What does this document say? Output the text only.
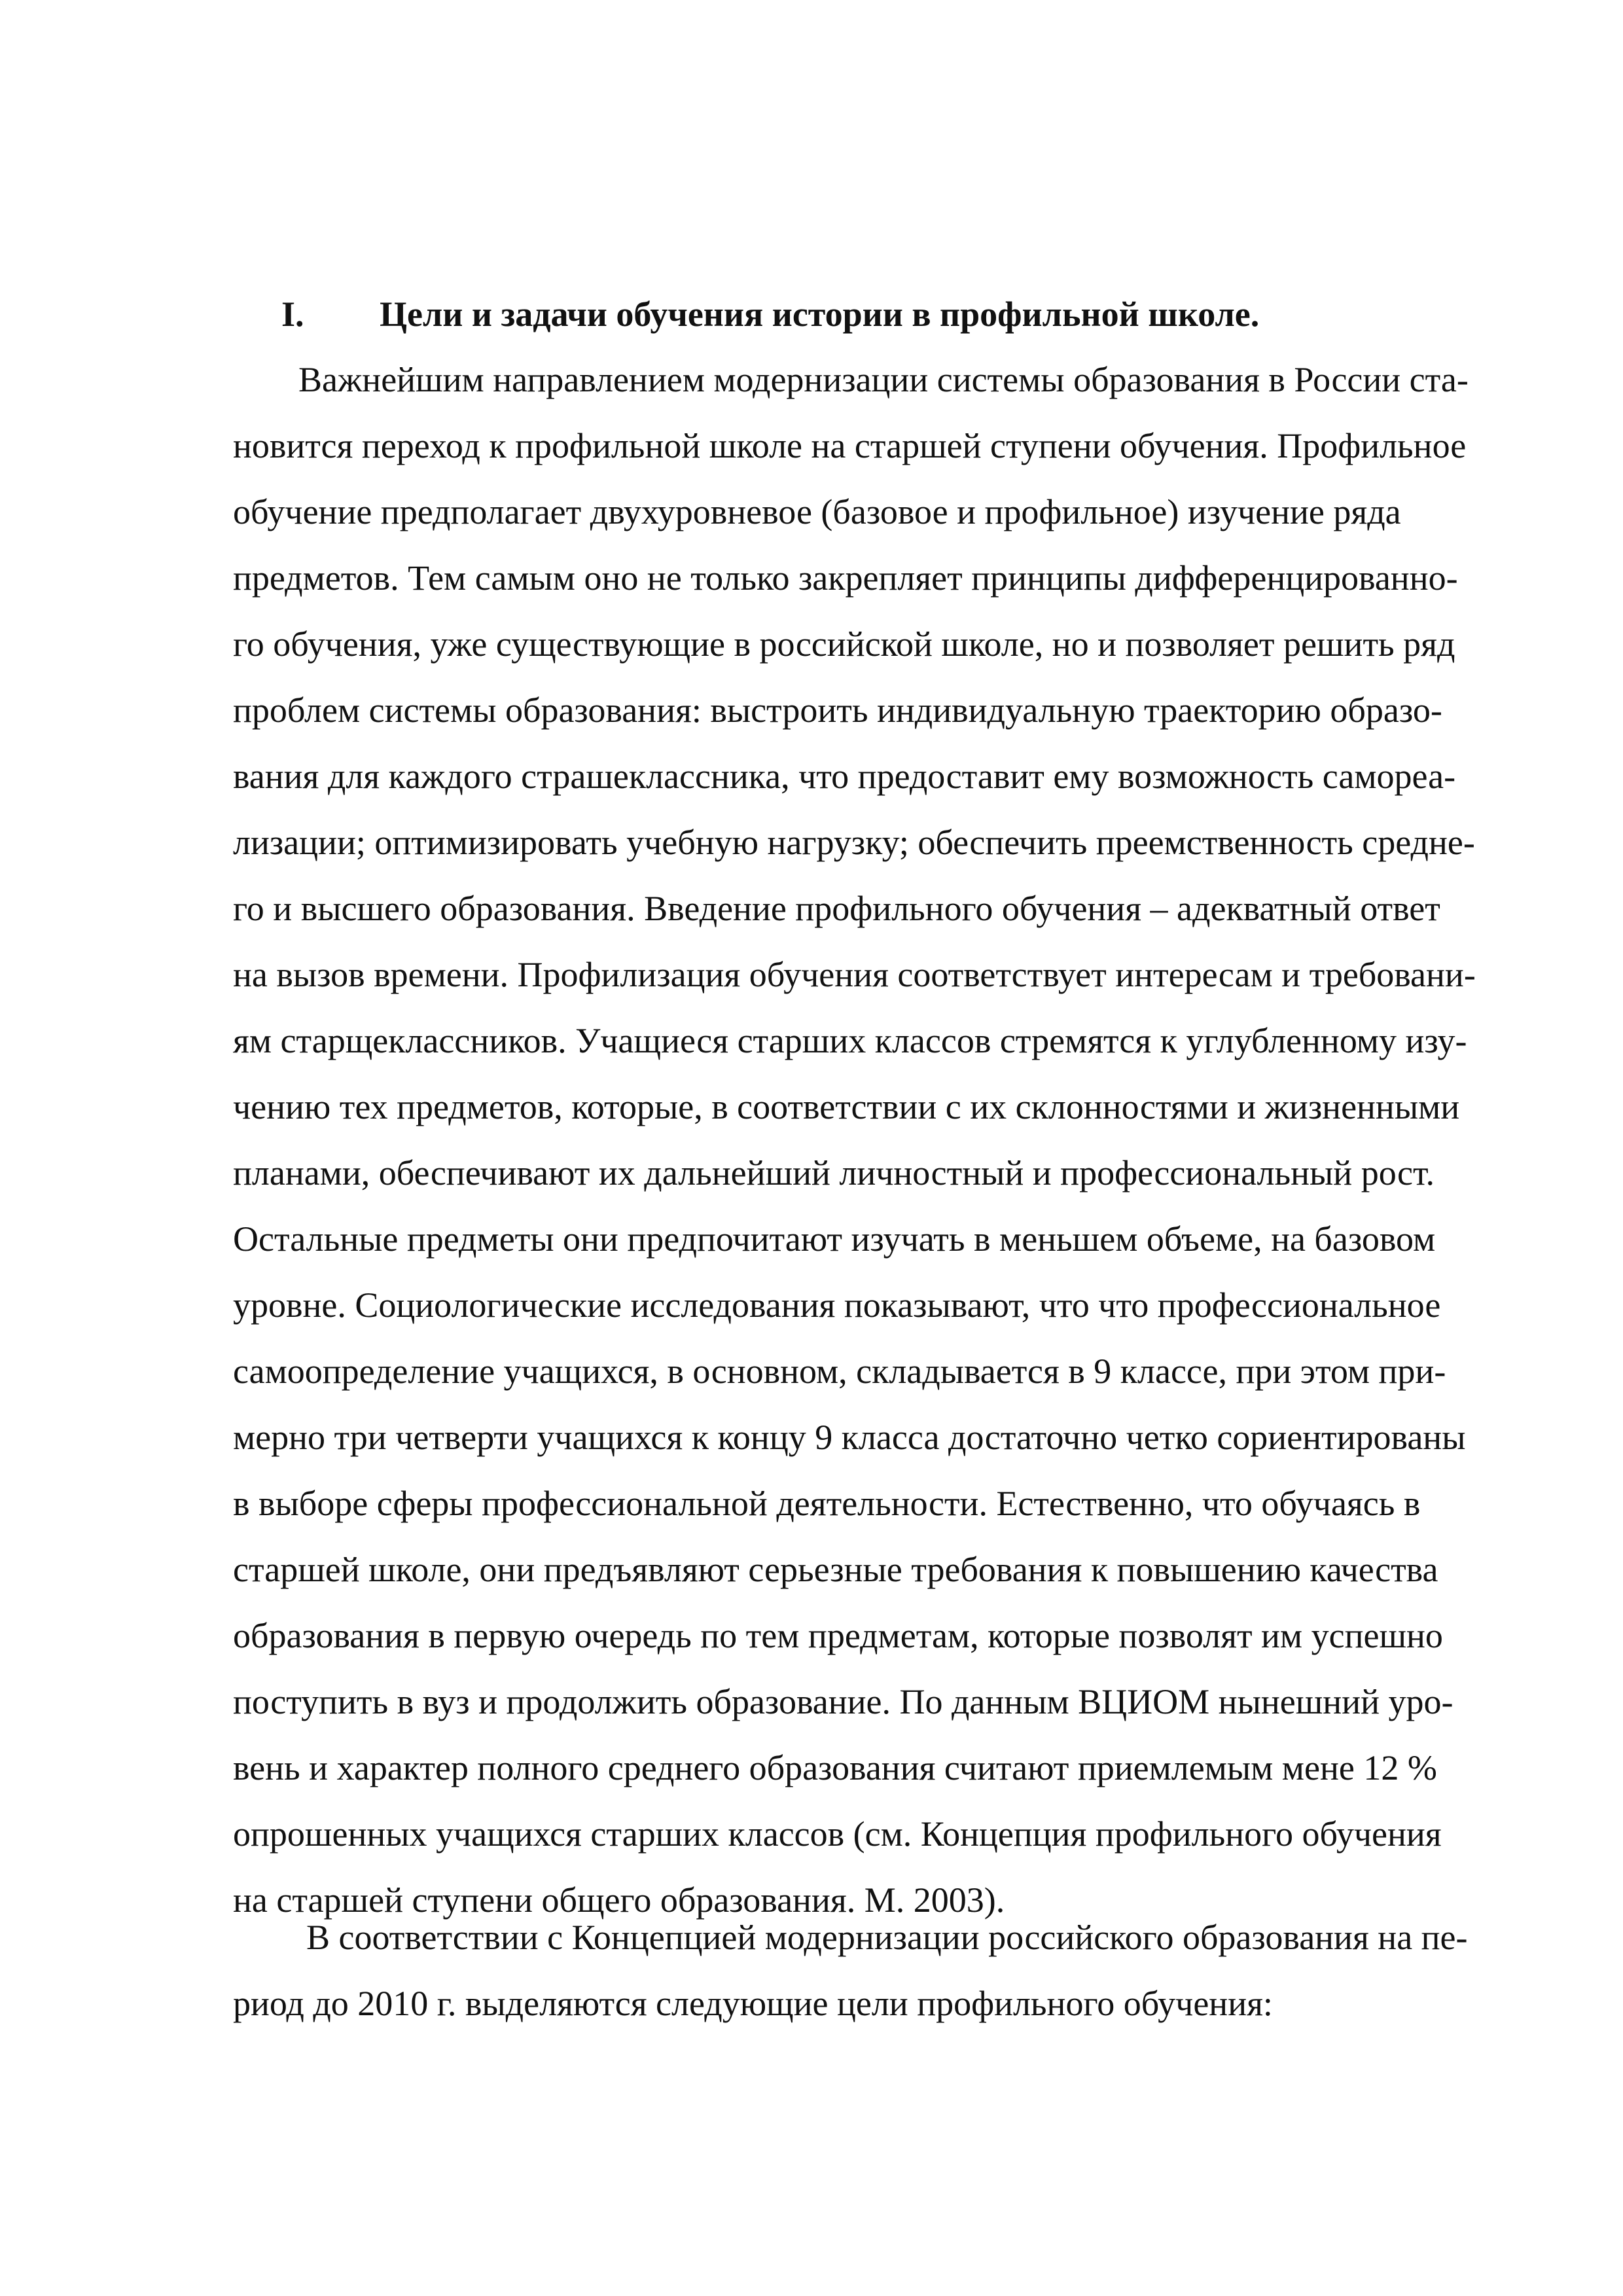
I. Цели и задачи обучения истории в профильной школе.
Важнейшим направлением модернизации системы образования в России ста-
новится переход к профильной школе на старшей ступени обучения. Профильное
обучение предполагает двухуровневое (базовое и профильное) изучение ряда
предметов. Тем самым оно не только закрепляет принципы дифференцированно-
го обучения, уже существующие в российской школе, но и позволяет решить ряд
проблем системы образования: выстроить индивидуальную траекторию образо-
вания для каждого страшеклассника, что предоставит ему возможность самореа-
лизации; оптимизировать учебную нагрузку; обеспечить преемственность средне-
го и высшего образования. Введение профильного обучения – адекватный ответ
на вызов времени. Профилизация обучения соответствует интересам и требовани-
ям старщеклассников. Учащиеся старших классов стремятся к углубленному изу-
чению тех предметов, которые, в соответствии с их склонностями и жизненными
планами, обеспечивают их дальнейший личностный и профессиональный рост.
Остальные предметы они предпочитают изучать в меньшем объеме, на базовом
уровне. Социологические исследования показывают, что что профессиональное
самоопределение учащихся, в основном, складывается в 9 классе, при этом при-
мерно три четверти учащихся к концу 9 класса достаточно четко сориентированы
в выборе сферы профессиональной деятельности. Естественно, что обучаясь в
старшей школе, они предъявляют серьезные требования к повышению качества
образования в первую очередь по тем предметам, которые позволят им успешно
поступить в вуз и продолжить образование. По данным ВЦИОМ нынешний уро-
вень и характер полного среднего образования считают приемлемым мене 12 %
опрошенных учащихся старших классов (см. Концепция профильного обучения
на старшей ступени общего образования. М. 2003).
В соответствии с Концепцией модернизации российского образования на пе-
риод до 2010 г. выделяются следующие цели профильного обучения:
